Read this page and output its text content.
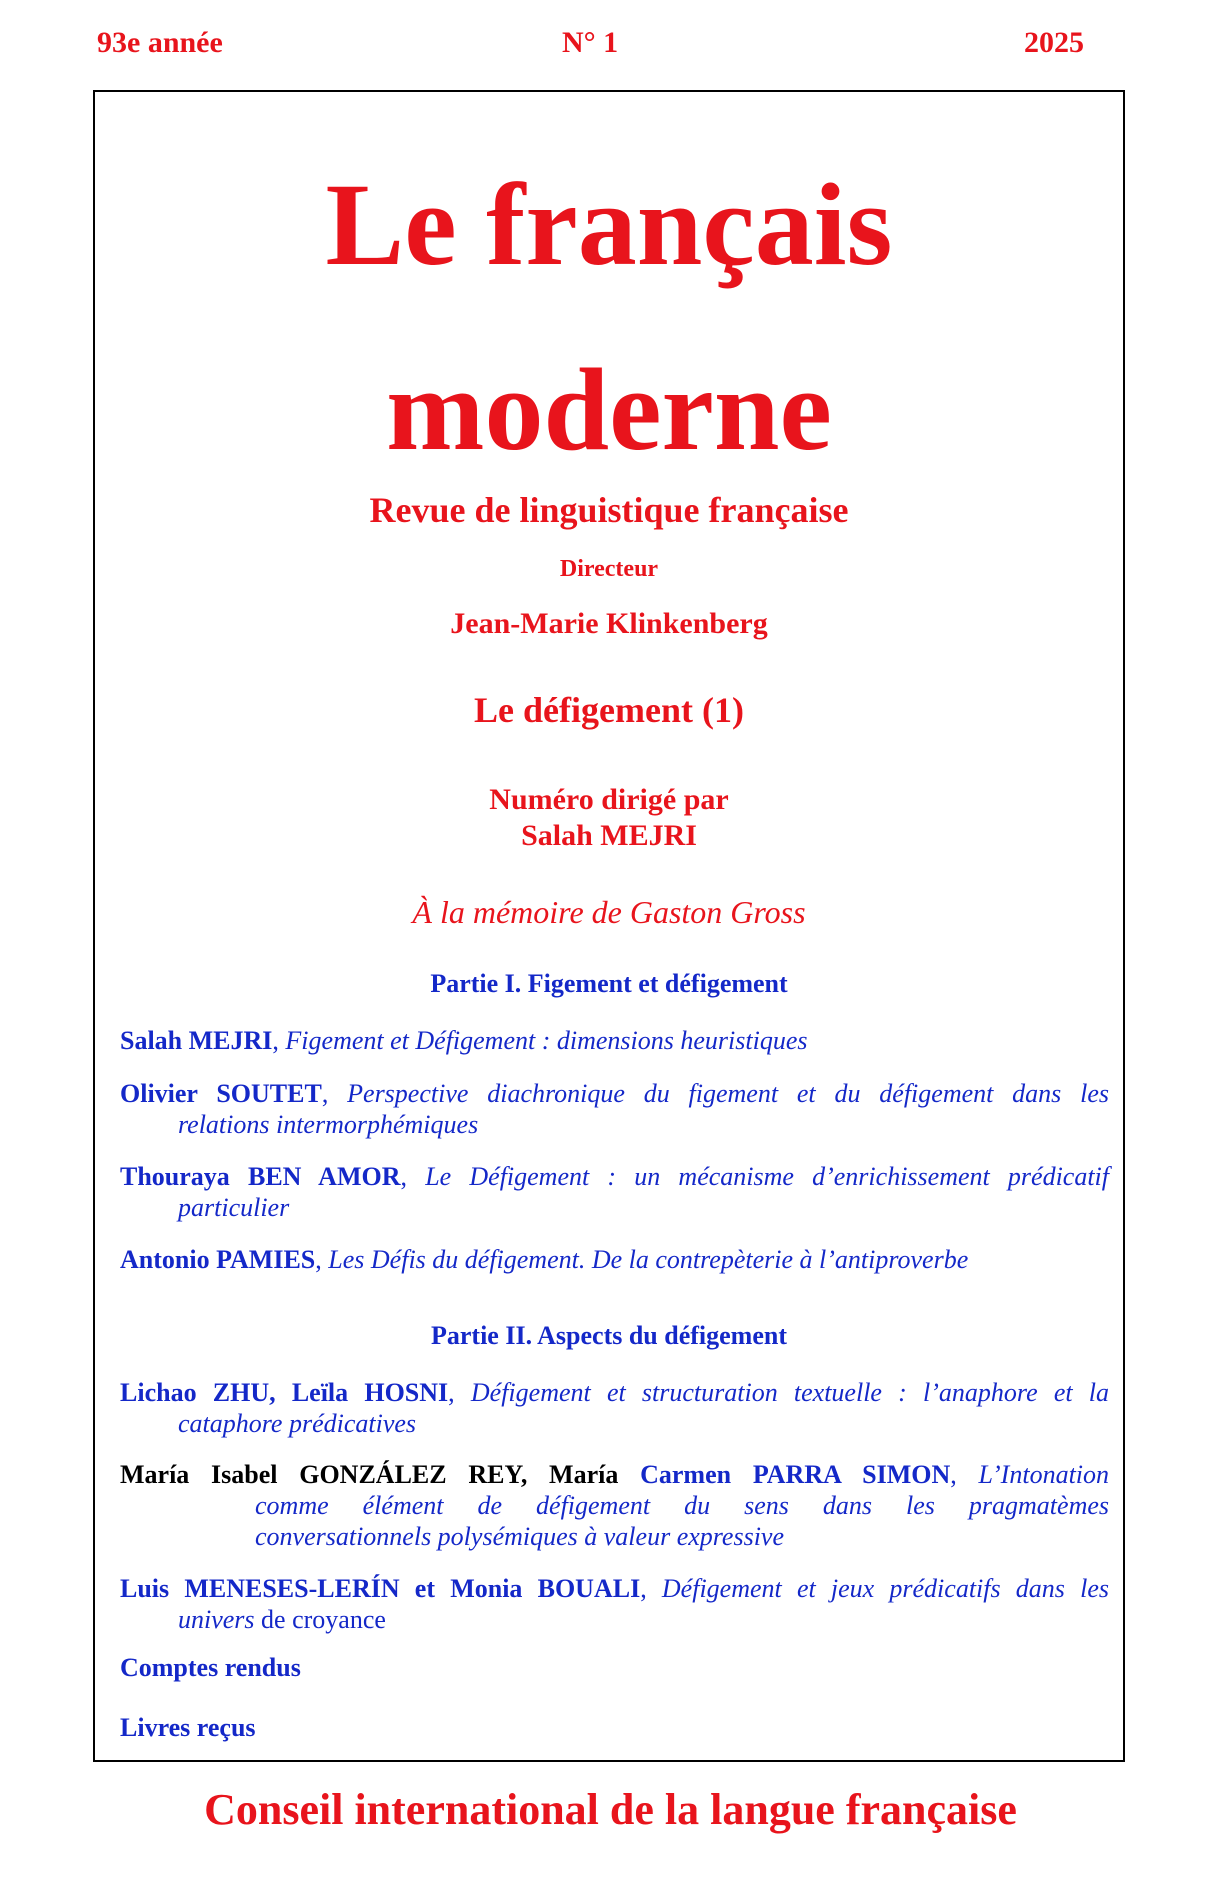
93e année	N° 1	2025
Le français
moderne
Revue de linguistique française
Directeur
Jean-Marie Klinkenberg
Le défigement (1)
Numéro dirigé par
Salah MEJRI
À la mémoire de Gaston Gross
Partie I. Figement et défigement
Salah MEJRI, Figement et Défigement : dimensions heuristiques
Olivier SOUTET, Perspective diachronique du figement et du défigement dans les
relations intermorphémiques
Thouraya BEN AMOR, Le Défigement : un mécanisme d’enrichissement prédicatif
particulier
Antonio PAMIES, Les Défis du défigement. De la contrepèterie à l’antiproverbe
Partie II. Aspects du défigement
Lichao ZHU, Leïla HOSNI, Défigement et structuration textuelle : l’anaphore et la
cataphore prédicatives
María Isabel GONZÁLEZ REY, María Carmen PARRA SIMON, L’Intonation
comme élément de défigement du sens dans les pragmatèmes
conversationnels polysémiques à valeur expressive
Luis MENESES-LERÍN et Monia BOUALI, Défigement et jeux prédicatifs dans les
univers de croyance
Comptes rendus
Livres reçus
Conseil international de la langue française
